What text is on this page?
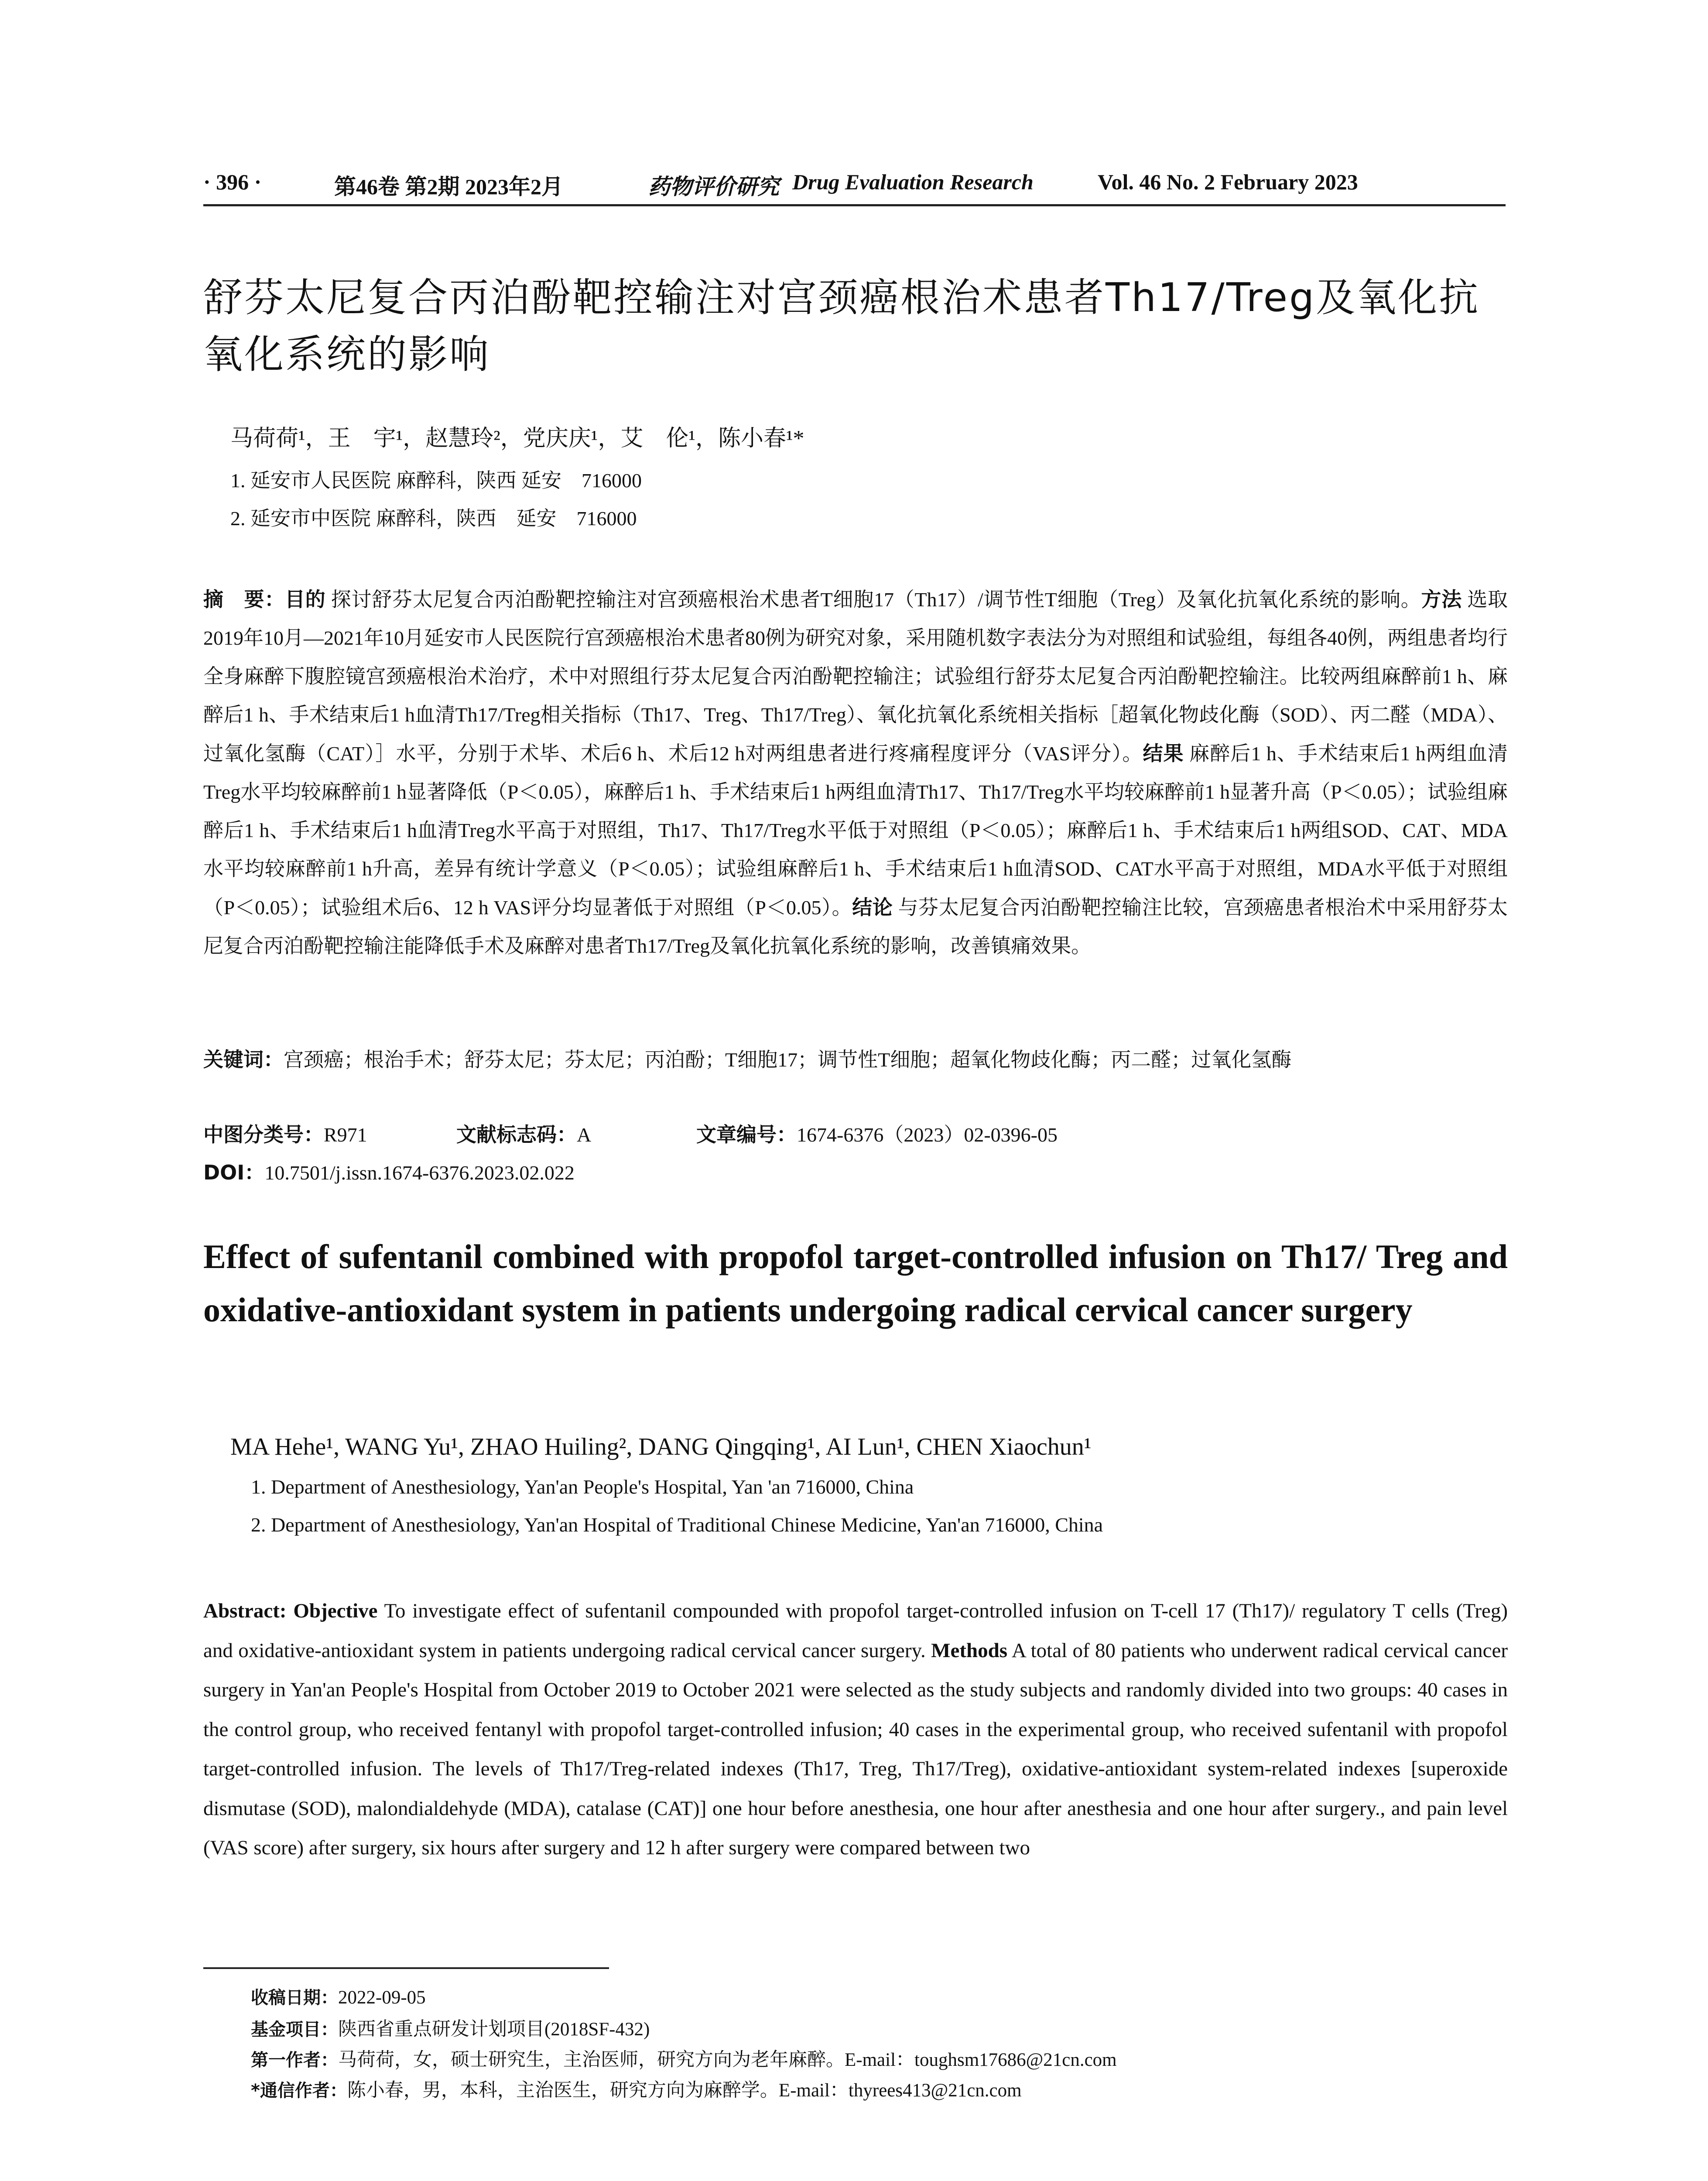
· 396 ·	第46卷 第2期 2023年2月	药物评价研究 Drug Evaluation Research	Vol. 46 No. 2 February 2023
舒芬太尼复合丙泊酚靶控输注对宫颈癌根治术患者Th17/Treg及氧化抗氧化系统的影响
马荷荷¹，王　宇¹，赵慧玲²，党庆庆¹，艾　伦¹，陈小春¹*
1. 延安市人民医院 麻醉科，陕西 延安　716000
2. 延安市中医院 麻醉科，陕西　延安　716000
摘　要：目的 探讨舒芬太尼复合丙泊酚靶控输注对宫颈癌根治术患者T细胞17（Th17）/调节性T细胞（Treg）及氧化抗氧化系统的影响。方法 选取2019年10月—2021年10月延安市人民医院行宫颈癌根治术患者80例为研究对象，采用随机数字表法分为对照组和试验组，每组各40例，两组患者均行全身麻醉下腹腔镜宫颈癌根治术治疗，术中对照组行芬太尼复合丙泊酚靶控输注；试验组行舒芬太尼复合丙泊酚靶控输注。比较两组麻醉前1 h、麻醉后1 h、手术结束后1 h血清Th17/Treg相关指标（Th17、Treg、Th17/Treg）、氧化抗氧化系统相关指标［超氧化物歧化酶（SOD）、丙二醛（MDA）、过氧化氢酶（CAT）］水平，分别于术毕、术后6 h、术后12 h对两组患者进行疼痛程度评分（VAS评分）。结果 麻醉后1 h、手术结束后1 h两组血清Treg水平均较麻醉前1 h显著降低（P＜0.05），麻醉后1 h、手术结束后1 h两组血清Th17、Th17/Treg水平均较麻醉前1 h显著升高（P＜0.05）；试验组麻醉后1 h、手术结束后1 h血清Treg水平高于对照组，Th17、Th17/Treg水平低于对照组（P＜0.05）；麻醉后1 h、手术结束后1 h两组SOD、CAT、MDA水平均较麻醉前1 h升高，差异有统计学意义（P＜0.05）；试验组麻醉后1 h、手术结束后1 h血清SOD、CAT水平高于对照组，MDA水平低于对照组（P＜0.05）；试验组术后6、12 h VAS评分均显著低于对照组（P＜0.05）。结论 与芬太尼复合丙泊酚靶控输注比较，宫颈癌患者根治术中采用舒芬太尼复合丙泊酚靶控输注能降低手术及麻醉对患者Th17/Treg及氧化抗氧化系统的影响，改善镇痛效果。
关键词：宫颈癌；根治手术；舒芬太尼；芬太尼；丙泊酚；T细胞17；调节性T细胞；超氧化物歧化酶；丙二醛；过氧化氢酶
中图分类号：R971	文献标志码：A	文章编号：1674-6376（2023）02-0396-05
DOI：10.7501/j.issn.1674-6376.2023.02.022
Effect of sufentanil combined with propofol target-controlled infusion on Th17/ Treg and oxidative-antioxidant system in patients undergoing radical cervical cancer surgery
MA Hehe¹, WANG Yu¹, ZHAO Huiling², DANG Qingqing¹, AI Lun¹, CHEN Xiaochun¹
1. Department of Anesthesiology, Yan'an People's Hospital, Yan 'an 716000, China
2. Department of Anesthesiology, Yan'an Hospital of Traditional Chinese Medicine, Yan'an 716000, China
Abstract: Objective To investigate effect of sufentanil compounded with propofol target-controlled infusion on T-cell 17 (Th17)/ regulatory T cells (Treg) and oxidative-antioxidant system in patients undergoing radical cervical cancer surgery. Methods A total of 80 patients who underwent radical cervical cancer surgery in Yan'an People's Hospital from October 2019 to October 2021 were selected as the study subjects and randomly divided into two groups: 40 cases in the control group, who received fentanyl with propofol target-controlled infusion; 40 cases in the experimental group, who received sufentanil with propofol target-controlled infusion. The levels of Th17/Treg-related indexes (Th17, Treg, Th17/Treg), oxidative-antioxidant system-related indexes [superoxide dismutase (SOD), malondialdehyde (MDA), catalase (CAT)] one hour before anesthesia, one hour after anesthesia and one hour after surgery., and pain level (VAS score) after surgery, six hours after surgery and 12 h after surgery were compared between two
收稿日期：2022-09-05
基金项目：陕西省重点研发计划项目(2018SF-432)
第一作者：马荷荷，女，硕士研究生，主治医师，研究方向为老年麻醉。E-mail：toughsm17686@21cn.com
*通信作者：陈小春，男，本科，主治医生，研究方向为麻醉学。E-mail：thyrees413@21cn.com
